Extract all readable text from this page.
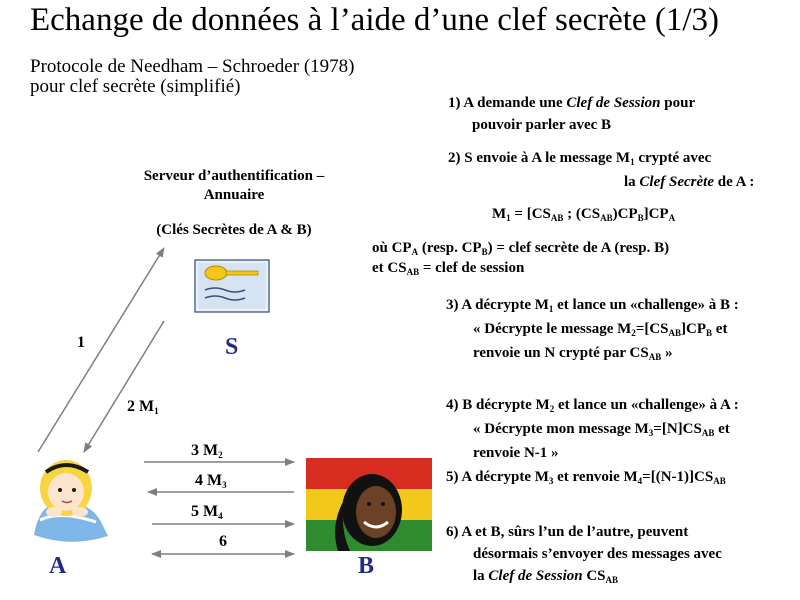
Echange de données à l’aide d’une clef secrète (1/3)
Protocole de Needham – Schroeder (1978)
pour clef secrète (simplifié)
Serveur d’authentification –
Annuaire
(Clés Secrètes de A & B)
S
A	B
1
2 $M_1$
3 $M_2$
4 $M_3$
5 $M_4$
6
1) A demande une Clef de Session pour
pouvoir parler avec B
2) S envoie à A le message $M_1$ crypté avec
la Clef Secrète de A :
$M_1 = [CS_{AB}$ ; $(CS_{AB})CP_B]CP_A$
où $CP_A$ (resp. $CP_B$) = clef secrète de A (resp. B)
et $CS_{AB}$ = clef de session
3) A décrypte $M_1$ et lance un «challenge» à B :
« Décrypte le message $M_2=[CS_{AB}]CP_B$ et
renvoie un N crypté par $CS_{AB}$ »
4) B décrypte $M_2$ et lance un «challenge» à A :
« Décrypte mon message $M_3=[N]CS_{AB}$ et
renvoie N-1 »
5) A décrypte $M_3$ et renvoie $M_4=[(N-1)]CS_{AB}$
6) A et B, sûrs l’un de l’autre, peuvent
désormais s’envoyer des messages avec
la Clef de Session $CS_{AB}$
